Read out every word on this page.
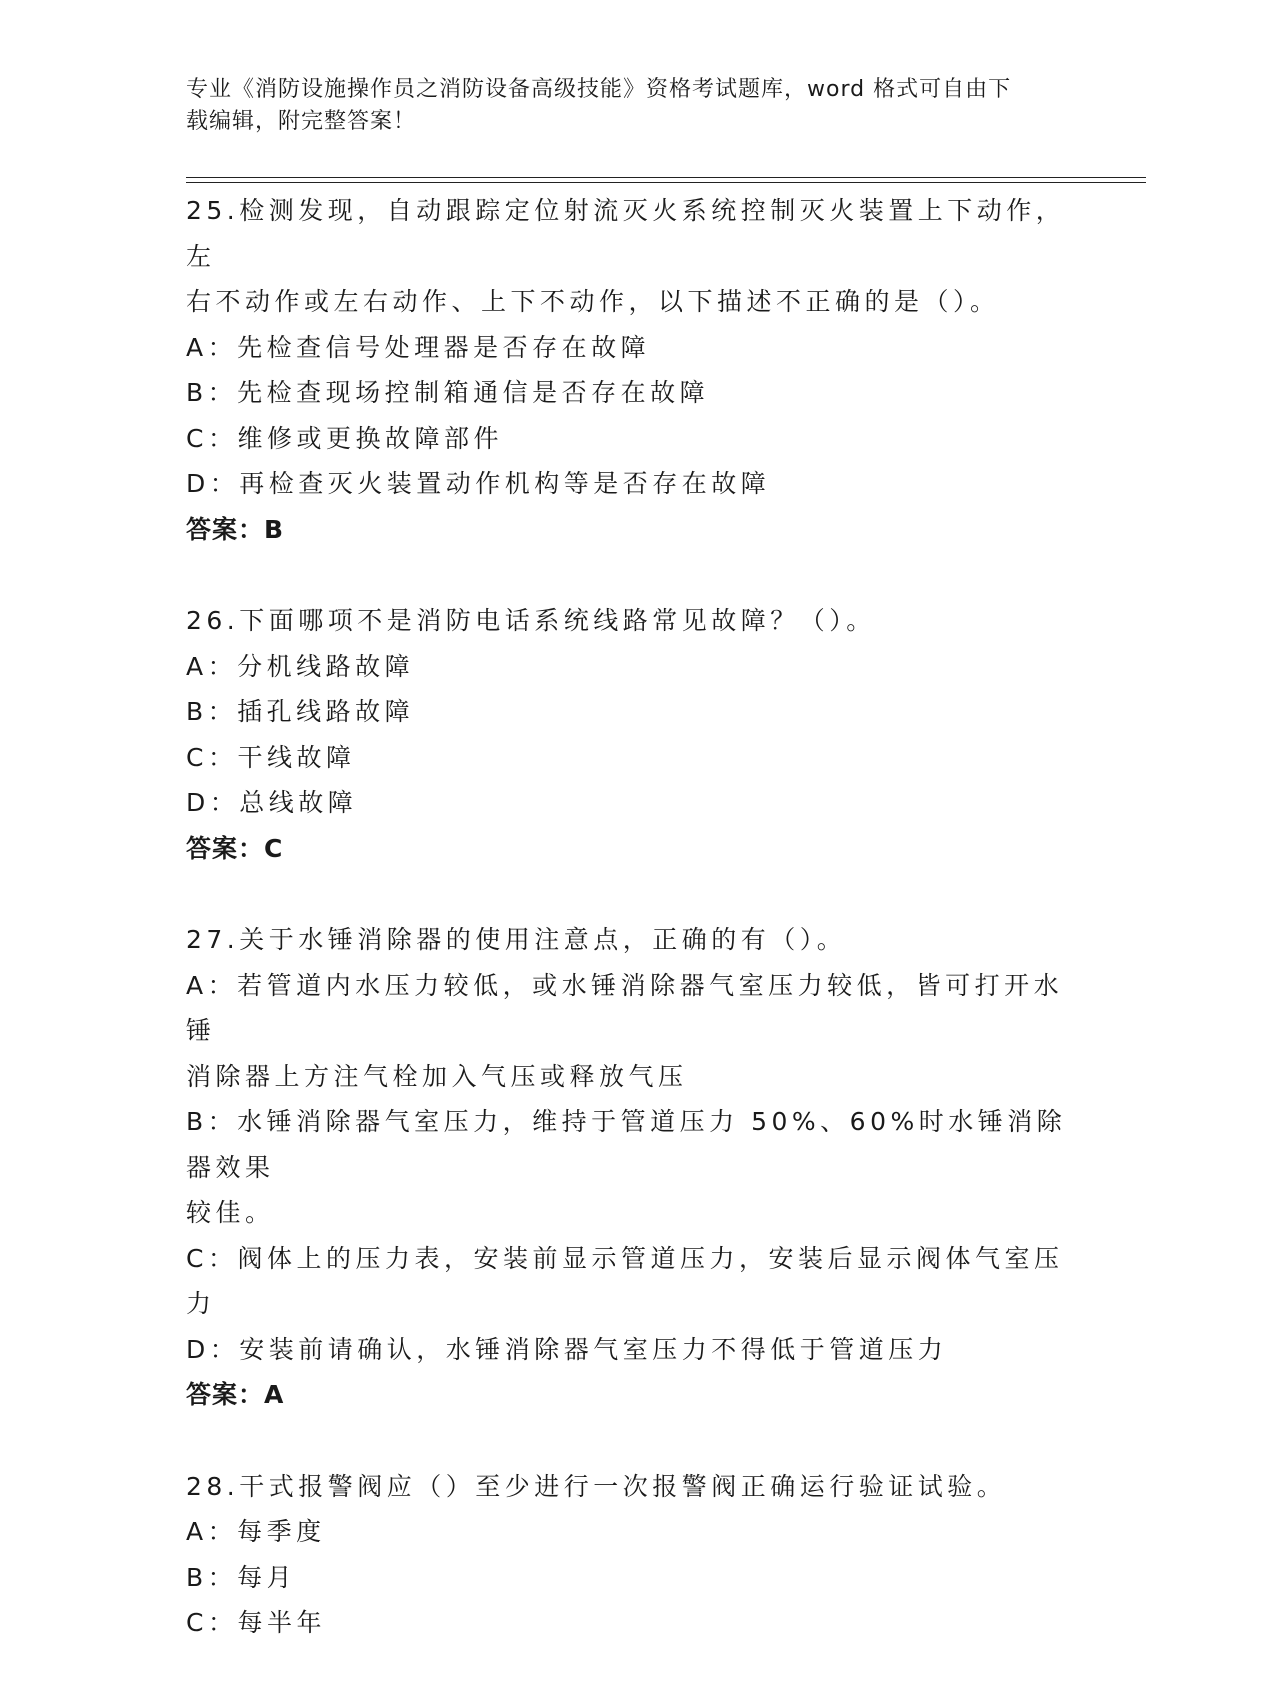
专业《消防设施操作员之消防设备高级技能》资格考试题库，word 格式可自由下
载编辑，附完整答案！
25.检测发现，自动跟踪定位射流灭火系统控制灭火装置上下动作，左
右不动作或左右动作、上下不动作，以下描述不正确的是（）。
A：先检查信号处理器是否存在故障
B：先检查现场控制箱通信是否存在故障
C：维修或更换故障部件
D：再检查灭火装置动作机构等是否存在故障
答案：B
26.下面哪项不是消防电话系统线路常见故障？（）。
A：分机线路故障
B：插孔线路故障
C：干线故障
D：总线故障
答案：C
27.关于水锤消除器的使用注意点，正确的有（）。
A：若管道内水压力较低，或水锤消除器气室压力较低，皆可打开水锤
消除器上方注气栓加入气压或释放气压
B：水锤消除器气室压力，维持于管道压力 50%、60%时水锤消除器效果
较佳。
C：阀体上的压力表，安装前显示管道压力，安装后显示阀体气室压力
D：安装前请确认，水锤消除器气室压力不得低于管道压力
答案：A
28.干式报警阀应（）至少进行一次报警阀正确运行验证试验。
A：每季度
B：每月
C：每半年
